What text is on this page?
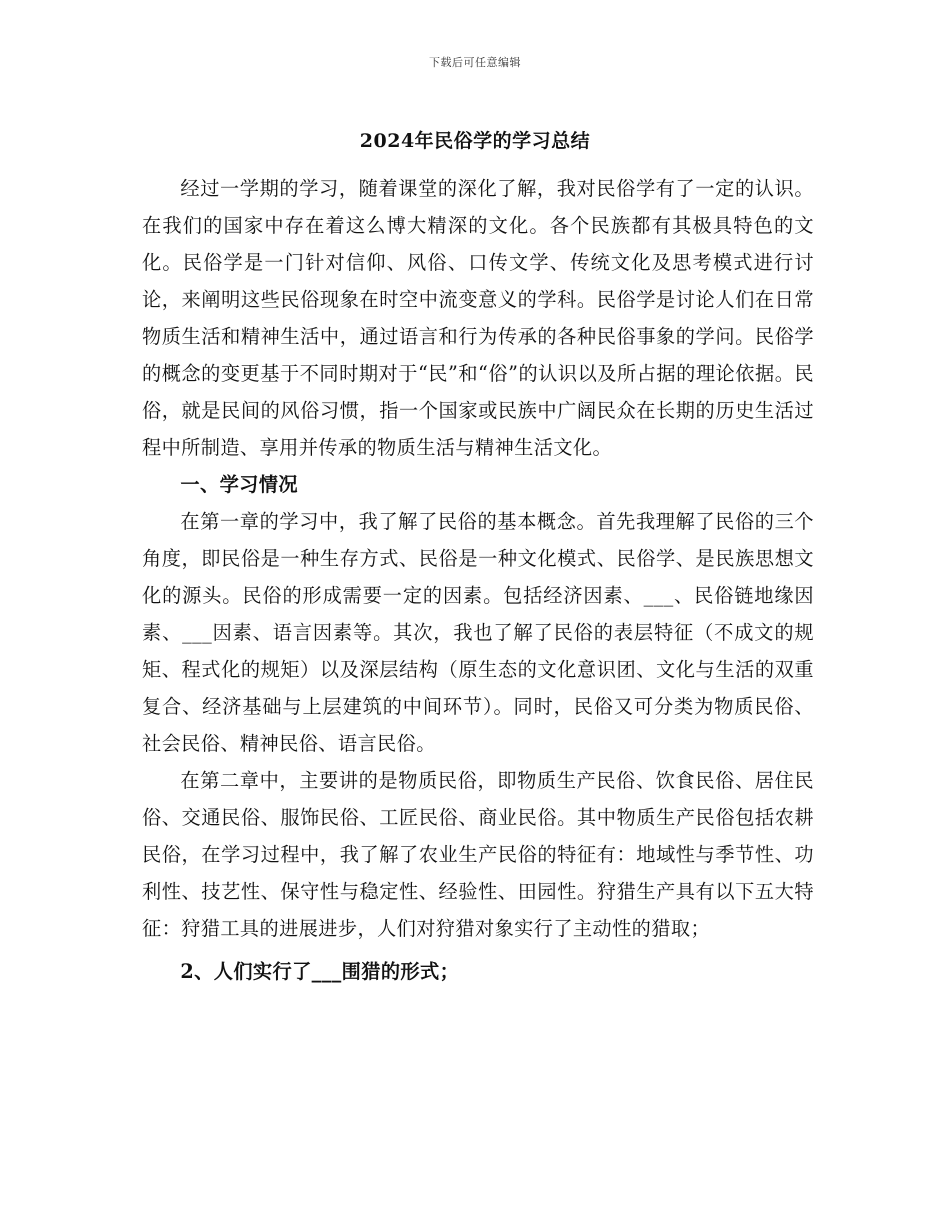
下载后可任意编辑
2024年民俗学的学习总结

经过一学期的学习，随着课堂的深化了解，我对民俗学有了一定的认识。在我们的国家中存在着这么博大精深的文化。各个民族都有其极具特色的文化。民俗学是一门针对信仰、风俗、口传文学、传统文化及思考模式进行讨论，来阐明这些民俗现象在时空中流变意义的学科。民俗学是讨论人们在日常物质生活和精神生活中，通过语言和行为传承的各种民俗事象的学问。民俗学的概念的变更基于不同时期对于“民”和“俗”的认识以及所占据的理论依据。民俗，就是民间的风俗习惯，指一个国家或民族中广阔民众在长期的历史生活过程中所制造、享用并传承的物质生活与精神生活文化。

一、学习情况

在第一章的学习中，我了解了民俗的基本概念。首先我理解了民俗的三个角度，即民俗是一种生存方式、民俗是一种文化模式、民俗学、是民族思想文化的源头。民俗的形成需要一定的因素。包括经济因素、___、民俗链地缘因素、___因素、语言因素等。其次，我也了解了民俗的表层特征（不成文的规矩、程式化的规矩）以及深层结构（原生态的文化意识团、文化与生活的双重复合、经济基础与上层建筑的中间环节）。同时，民俗又可分类为物质民俗、社会民俗、精神民俗、语言民俗。

在第二章中，主要讲的是物质民俗，即物质生产民俗、饮食民俗、居住民俗、交通民俗、服饰民俗、工匠民俗、商业民俗。其中物质生产民俗包括农耕民俗，在学习过程中，我了解了农业生产民俗的特征有：地域性与季节性、功利性、技艺性、保守性与稳定性、经验性、田园性。狩猎生产具有以下五大特征：狩猎工具的进展进步，人们对狩猎对象实行了主动性的猎取；

2、人们实行了___围猎的形式；
